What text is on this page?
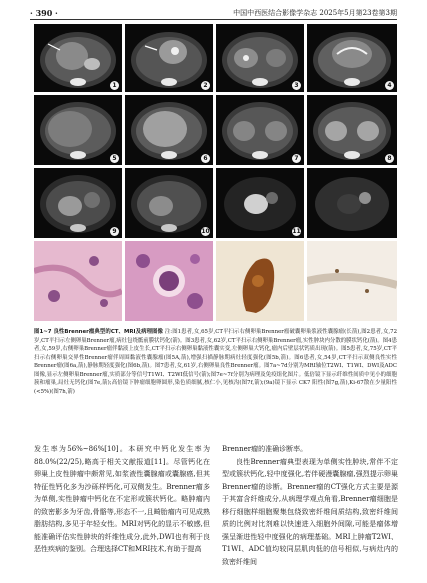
· 390 ·	中国中西医结合影像学杂志 2025年5月第23卷第3期
1	2	3	4
5	6	7	8
9	10	11
图1~7 良性Brenner瘤典型的CT、MRI及病理图像 注:图1患者,女,65岁,CT平扫示右侧卵巢Brenner瘤破囊卵巢浆液性囊腺瘤(长箭),图2患者,女,72岁,CT平扫示左侧卵巢Brenner瘤,病灶包绕骶前膜状钙化(箭)。图3患者,女,62岁,CT平扫示右侧卵巢Brenner瘤,实性肿块内分散的膜状钙化(箭)。图4患者,女,59岁,右侧卵巢Brenner瘤伴黏液上皮生长,CT平扫示右侧卵巢黏液性囊实变,左侧卵巢大钙化,瘤内后壁层状钙质出现(箭)。图5患者,女,75岁,CT平扫示右侧卵巢交界性Brenner瘤伴周围黏液性囊腺瘤(图5A,箭),增强扫描静脉期病灶轻度强化(图5b,箭)。图6患者,女,54岁,CT平扫示双侧良性实性Brenner瘤(图6a,箭),静脉期轻度强化(图6b,箭)。图7患者,女,61岁,右侧卵巢良性Brenner瘤。图7a~7d分别为MRI轴位T2WI、T1WI、DWI及ADC图像,显示左侧卵巢Brenner瘤,实质部分等信号T1WI、T2WI低信号(箭);图7e~7f分别为病理及免疫组化图片。低倍镜下显示纤维性间质中见小的细胞簇和瘤巢,局灶无钙化(图7e,箭);高倍镜下肿瘤细胞卵圆形,染色质细腻,核仁小,见核沟(图7f,箭);(9a)镜下显示 CK7 阳性(图7g,箭),Ki-67散在少量阳性(<5%)(图7h,箭)

发生率为56%~86%[10]。本研究中钙化发生率为88.0%(22/25),略高于相关文献报道[11]。尽管钙化在卵巢上皮性肿瘤中颇常见,如浆液性囊腺瘤或囊腺癌,但其特征性钙化多为沙砾样钙化,可双侧发生。Brenner瘤多为单侧,实性肿瘤中钙化在不定形或簇状钙化。略肿瘤内的致密影多为牙齿,骨骼等,形态不一,且畸胎瘤内可见成熟脂肪结构,多见于年轻女性。MRI对钙化的显示不敏感,但能准确评估实性肿块的纤维性成分,此外,DWI也有利于良恶性疾病的鉴别。合理选择CT和MRI技术,有助于提高

Brenner瘤的准确诊断率。

良性Brenner瘤典型表现为单侧实性肿块,常伴不定型或簇状钙化,轻中度强化,若伴硬漫囊腺瘤,强烈提示卵巢Brenner瘤的诊断。Brenner瘤的CT强化方式主要是源于其富含纤维成分,从病理学观点角看,Brenner瘤细胞是移行细胞样细胞聚集包绕致密纤维间质结构,致密纤维间质的比例对比剂难以快速进入细胞外间隙,可能是瘤体增强呈渐进性轻中度强化的病理基础。MRI上肿瘤T2WI、T1WI、ADC值均较同层肌肉低的信号相似,与病灶内的致密纤维间
